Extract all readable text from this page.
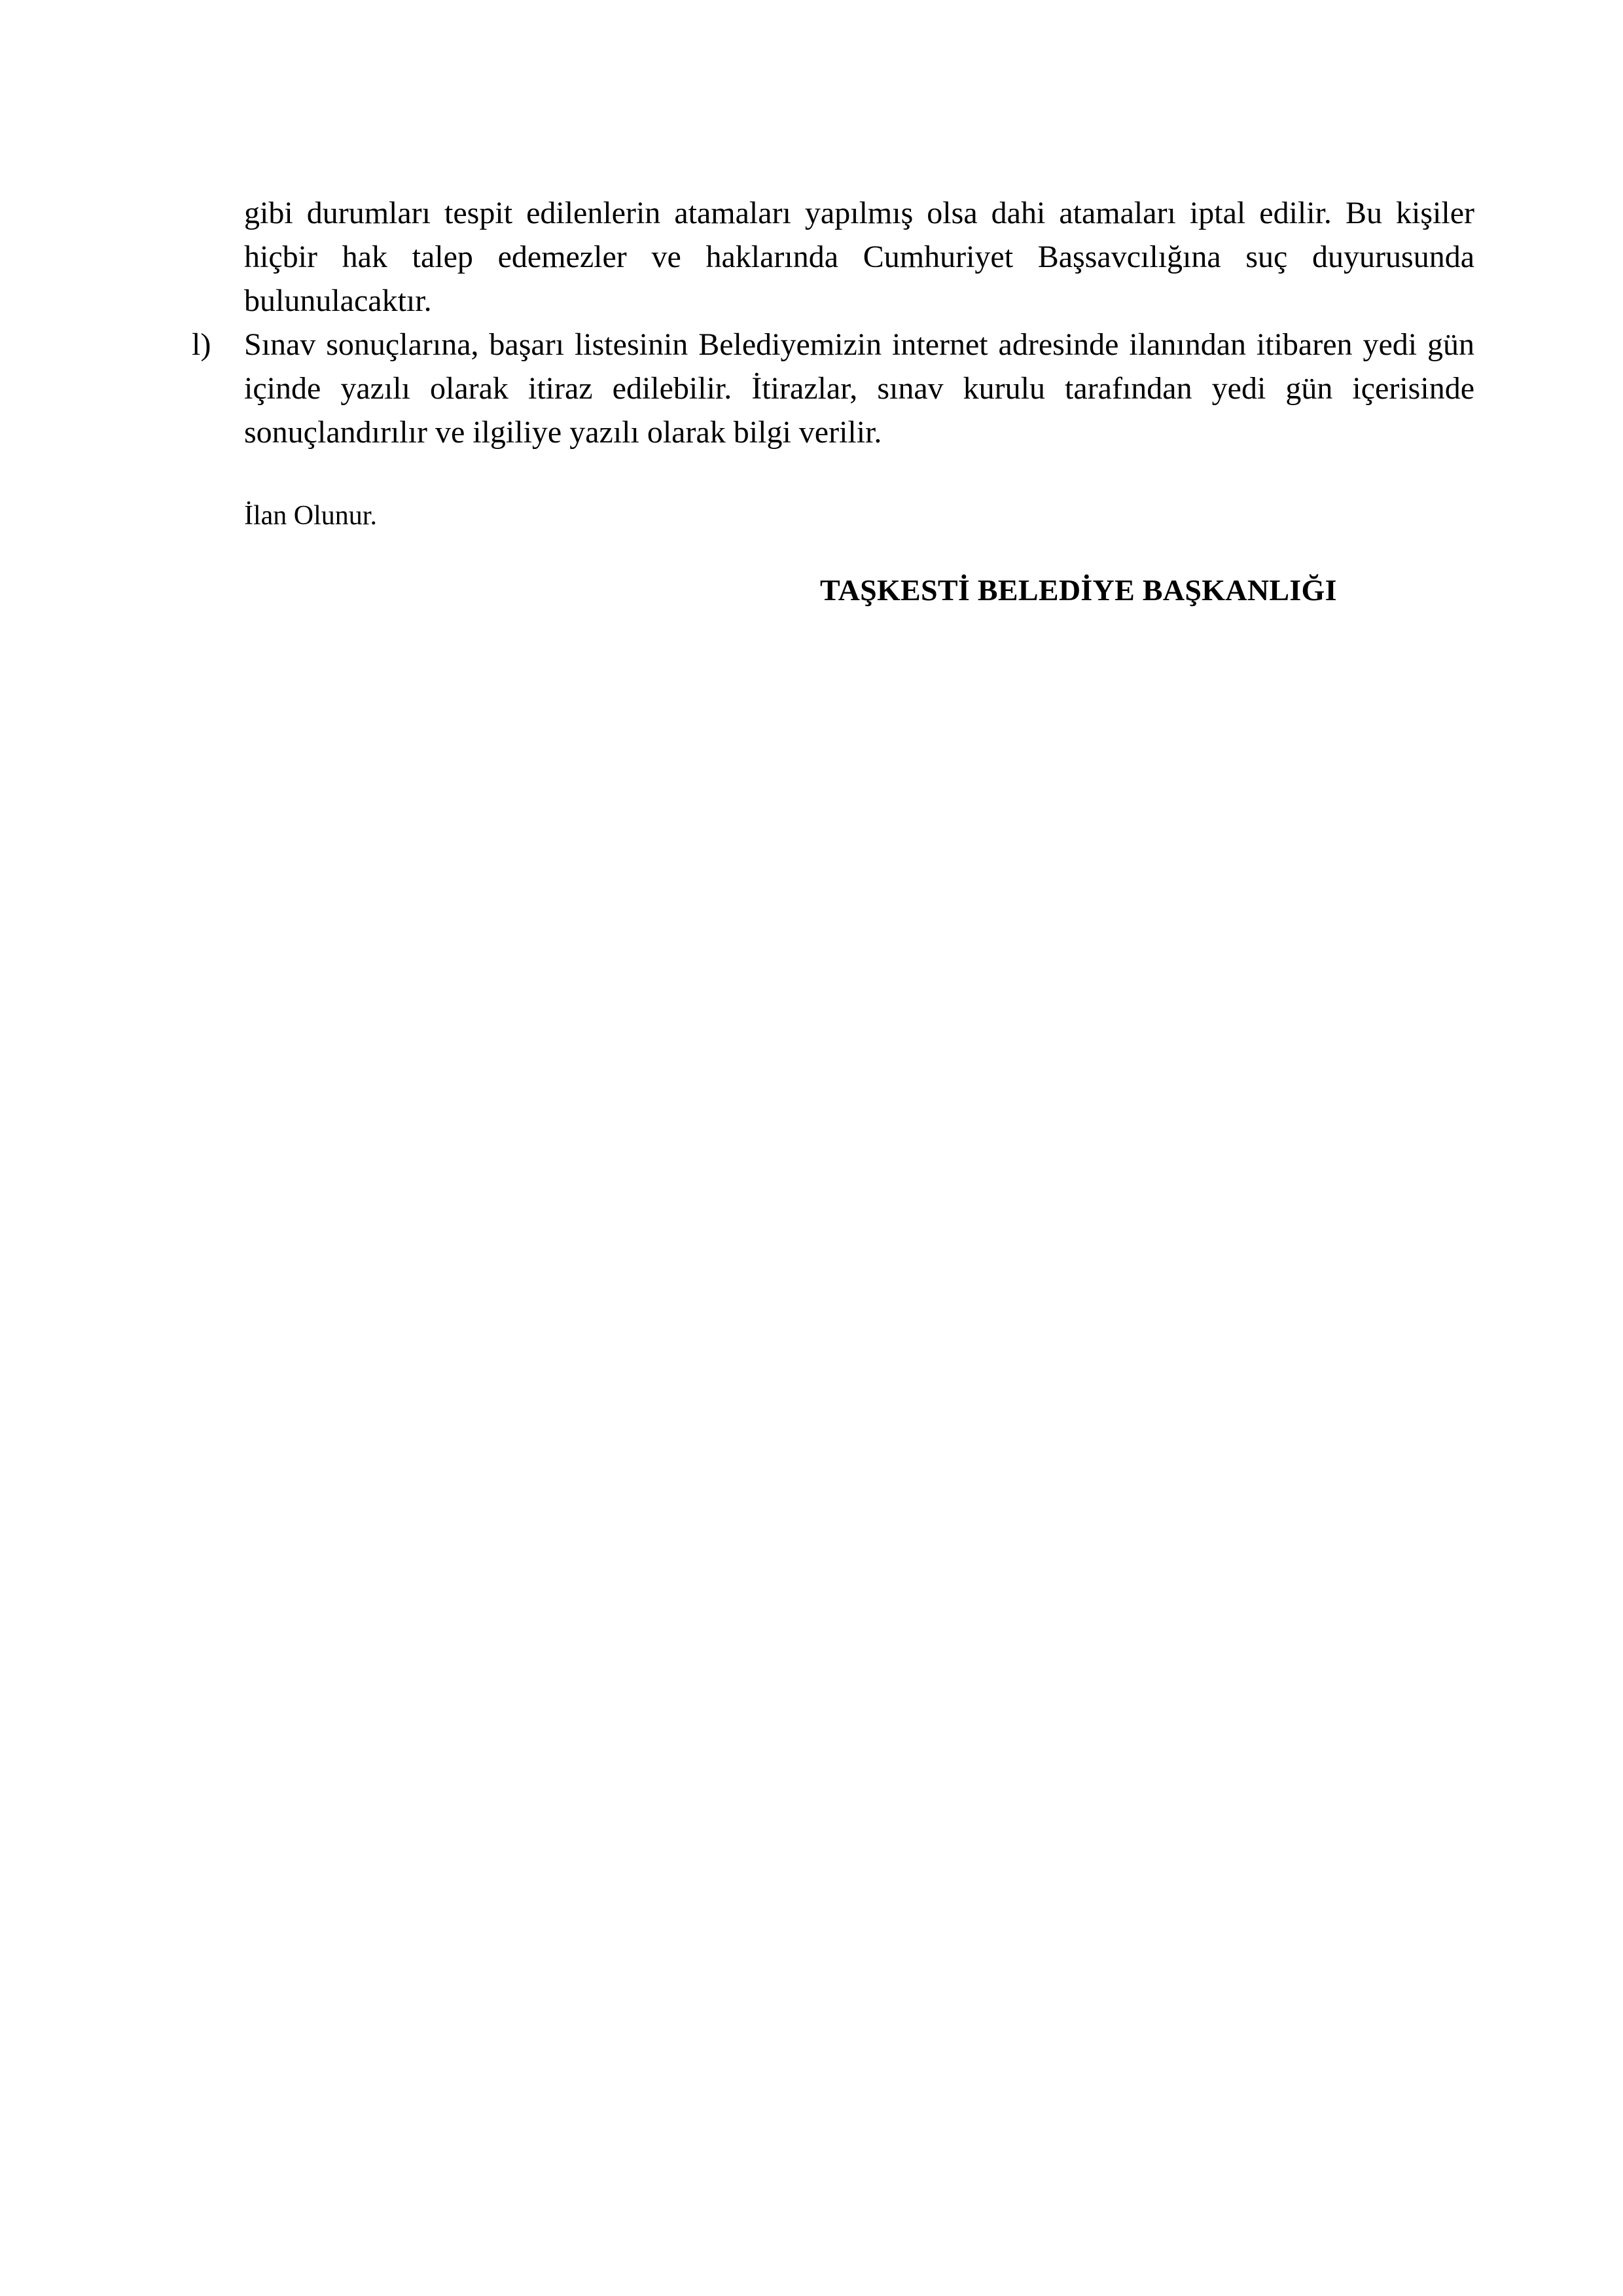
gibi durumları tespit edilenlerin atamaları yapılmış olsa dahi atamaları iptal edilir. Bu kişiler hiçbir hak talep edemezler ve haklarında Cumhuriyet Başsavcılığına suç duyurusunda bulunulacaktır.
l) Sınav sonuçlarına, başarı listesinin Belediyemizin internet adresinde ilanından itibaren yedi gün içinde yazılı olarak itiraz edilebilir. İtirazlar, sınav kurulu tarafından yedi gün içerisinde sonuçlandırılır ve ilgiliye yazılı olarak bilgi verilir.
İlan Olunur.
TAŞKESTİ BELEDİYE BAŞKANLIĞI
